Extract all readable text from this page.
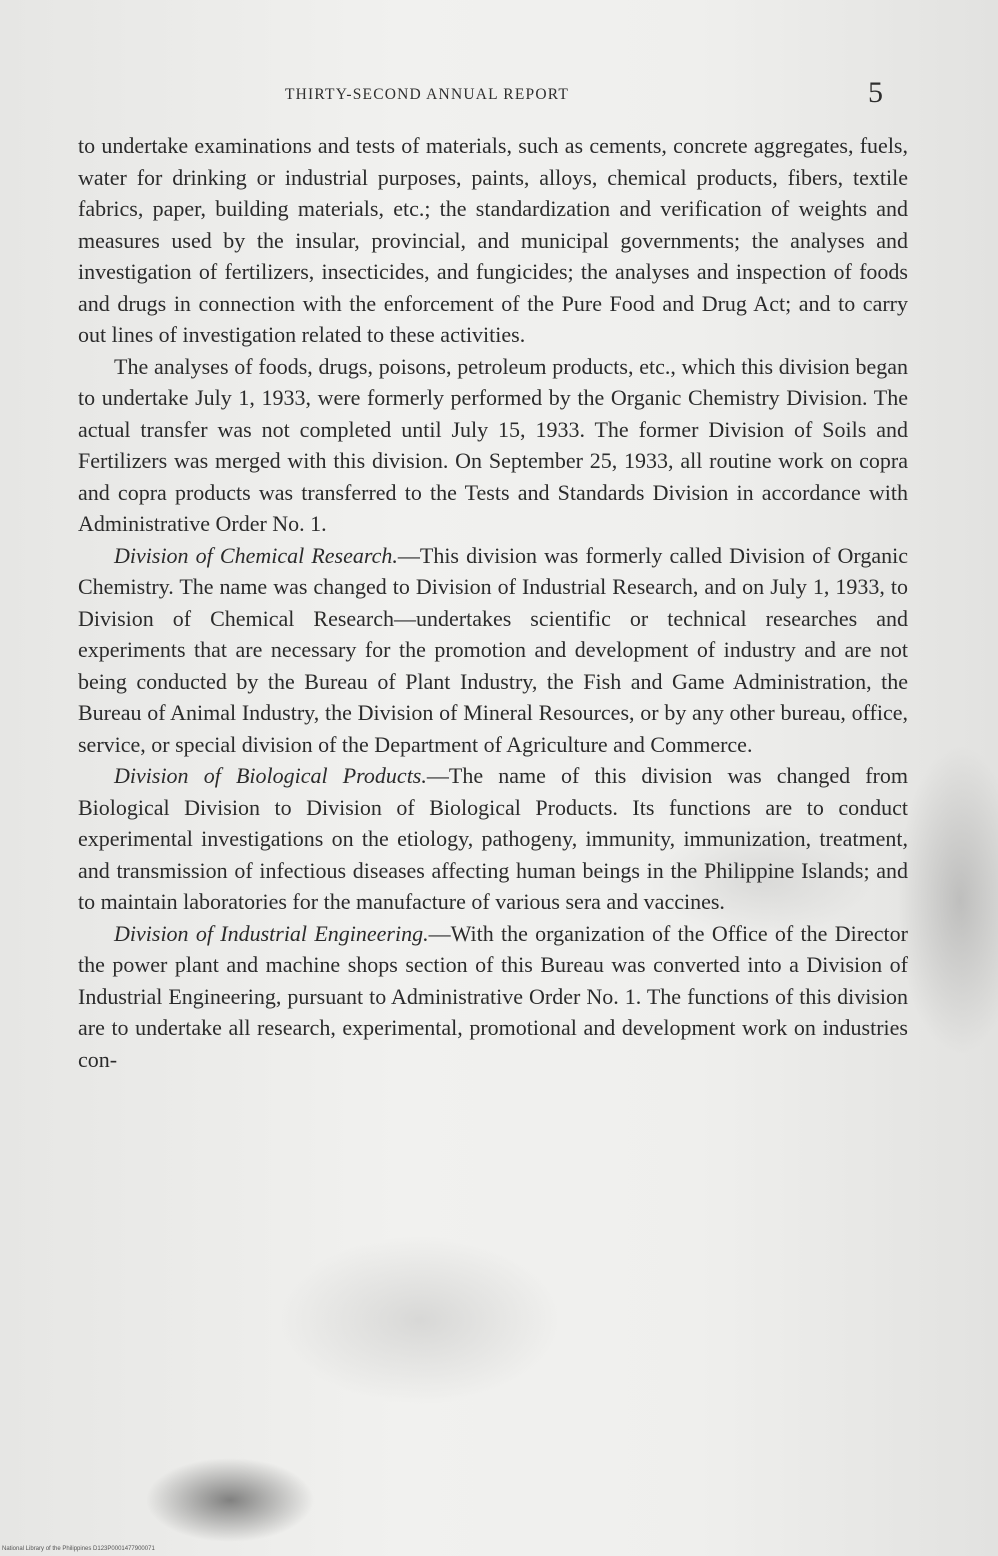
THIRTY-SECOND ANNUAL REPORT	5

to undertake examinations and tests of materials, such as cements, concrete aggregates, fuels, water for drinking or industrial purposes, paints, alloys, chemical products, fibers, textile fabrics, paper, building materials, etc.; the standardization and verification of weights and measures used by the insular, provincial, and municipal governments; the analyses and investigation of fertilizers, insecticides, and fungicides; the analyses and inspection of foods and drugs in connection with the enforcement of the Pure Food and Drug Act; and to carry out lines of investigation related to these activities.

The analyses of foods, drugs, poisons, petroleum products, etc., which this division began to undertake July 1, 1933, were formerly performed by the Organic Chemistry Division. The actual transfer was not completed until July 15, 1933. The former Division of Soils and Fertilizers was merged with this division. On September 25, 1933, all routine work on copra and copra products was transferred to the Tests and Standards Division in accordance with Administrative Order No. 1.

Division of Chemical Research.—This division was formerly called Division of Organic Chemistry. The name was changed to Division of Industrial Research, and on July 1, 1933, to Division of Chemical Research—undertakes scientific or technical researches and experiments that are necessary for the promotion and development of industry and are not being conducted by the Bureau of Plant Industry, the Fish and Game Administration, the Bureau of Animal Industry, the Division of Mineral Resources, or by any other bureau, office, service, or special division of the Department of Agriculture and Commerce.

Division of Biological Products.—The name of this division was changed from Biological Division to Division of Biological Products. Its functions are to conduct experimental investigations on the etiology, pathogeny, immunity, immunization, treatment, and transmission of infectious diseases affecting human beings in the Philippine Islands; and to maintain laboratories for the manufacture of various sera and vaccines.

Division of Industrial Engineering.—With the organization of the Office of the Director the power plant and machine shops section of this Bureau was converted into a Division of Industrial Engineering, pursuant to Administrative Order No. 1. The functions of this division are to undertake all research, experimental, promotional and development work on industries con-

National Library of the Philippines D123P0001477900071
